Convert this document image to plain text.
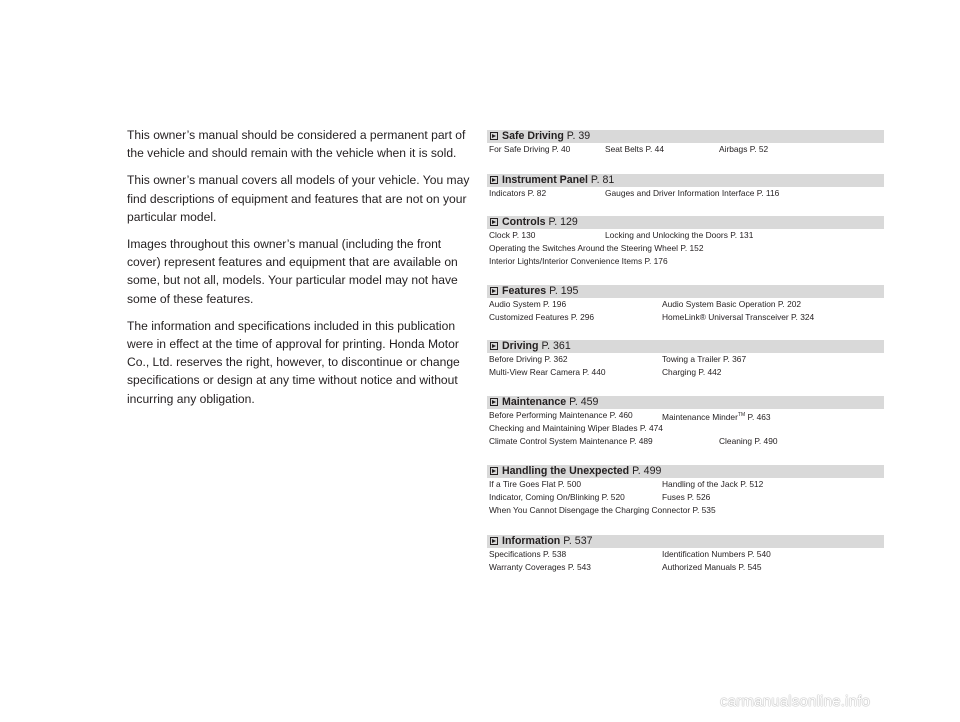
This owner’s manual should be considered a permanent part of the vehicle and should remain with the vehicle when it is sold.

This owner’s manual covers all models of your vehicle. You may find descriptions of equipment and features that are not on your particular model.

Images throughout this owner’s manual (including the front cover) represent features and equipment that are available on some, but not all, models. Your particular model may not have some of these features.

The information and specifications included in this publication were in effect at the time of approval for printing. Honda Motor Co., Ltd. reserves the right, however, to discontinue or change specifications or design at any time without notice and without incurring any obligation.

Safe Driving P. 39
For Safe Driving P. 40	Seat Belts P. 44	Airbags P. 52
Instrument Panel P. 81
Indicators P. 82	Gauges and Driver Information Interface P. 116
Controls P. 129
Clock P. 130	Locking and Unlocking the Doors P. 131
Operating the Switches Around the Steering Wheel P. 152
Interior Lights/Interior Convenience Items P. 176
Features P. 195
Audio System P. 196	Audio System Basic Operation P. 202
Customized Features P. 296	HomeLink® Universal Transceiver P. 324
Driving P. 361
Before Driving P. 362	Towing a Trailer P. 367
Multi-View Rear Camera P. 440	Charging P. 442
Maintenance P. 459
Before Performing Maintenance P. 460	Maintenance Minder™ P. 463
Checking and Maintaining Wiper Blades P. 474
Climate Control System Maintenance P. 489	Cleaning P. 490
Handling the Unexpected P. 499
If a Tire Goes Flat P. 500	Handling of the Jack P. 512
Indicator, Coming On/Blinking P. 520	Fuses P. 526
When You Cannot Disengage the Charging Connector P. 535
Information P. 537
Specifications P. 538	Identification Numbers P. 540
Warranty Coverages P. 543	Authorized Manuals P. 545
carmanualsonline.info
